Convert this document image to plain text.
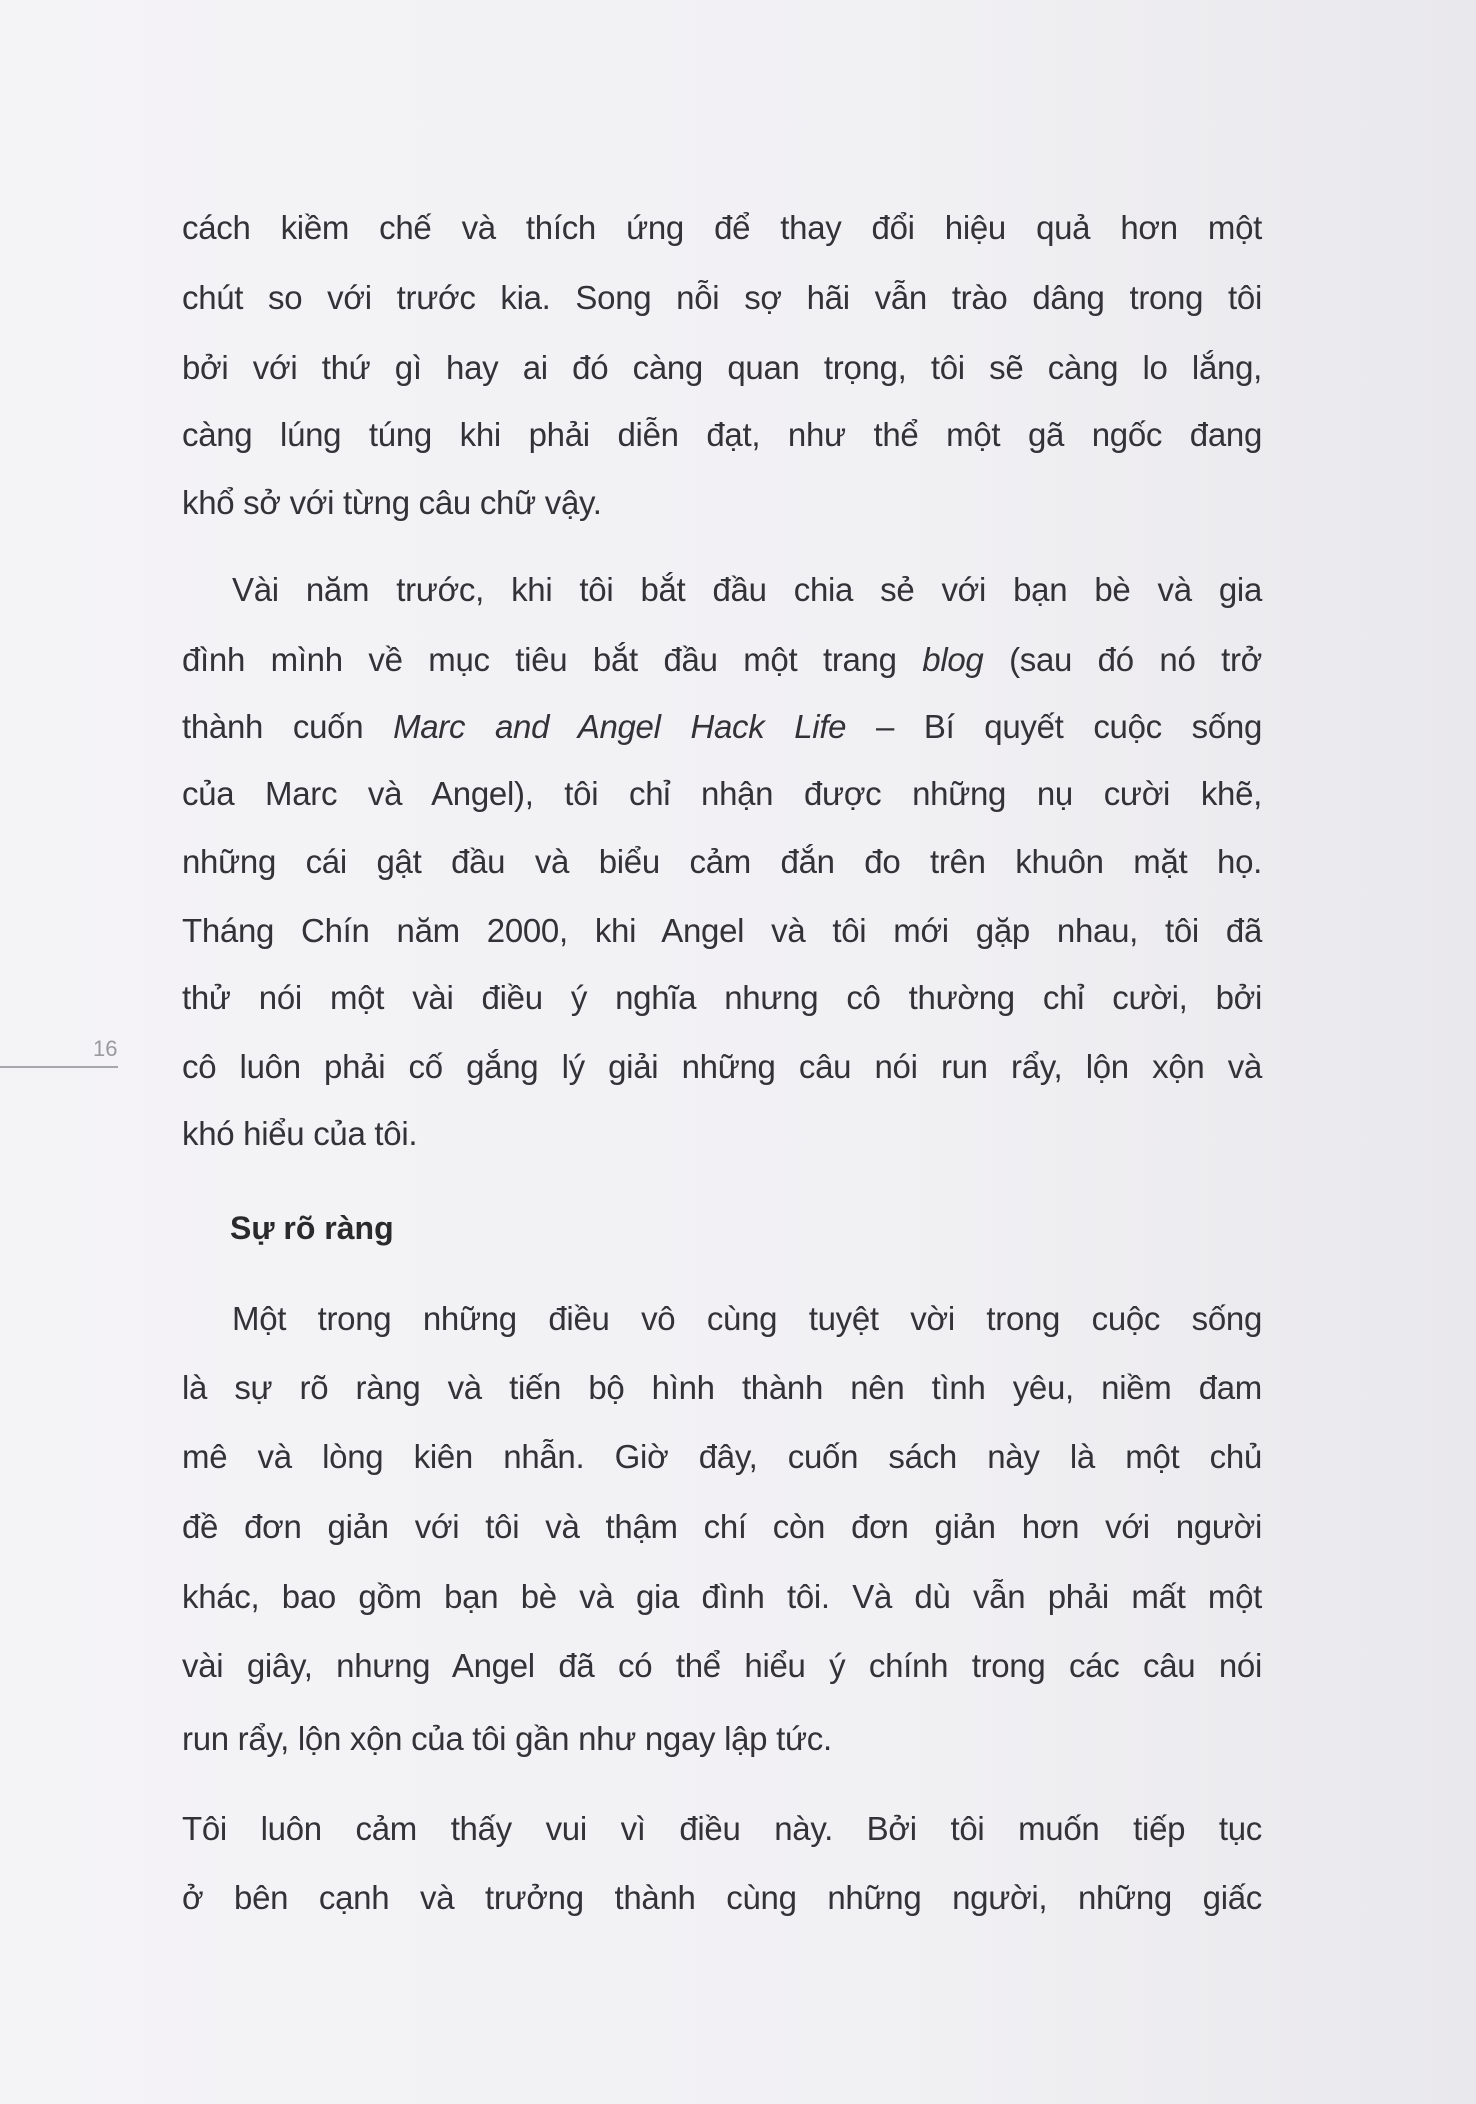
16
cách kiềm chế và thích ứng để thay đổi hiệu quả hơn một
chút so với trước kia. Song nỗi sợ hãi vẫn trào dâng trong tôi
bởi với thứ gì hay ai đó càng quan trọng, tôi sẽ càng lo lắng,
càng lúng túng khi phải diễn đạt, như thể một gã ngốc đang
khổ sở với từng câu chữ vậy.
Vài năm trước, khi tôi bắt đầu chia sẻ với bạn bè và gia
đình mình về mục tiêu bắt đầu một trang blog (sau đó nó trở
thành cuốn Marc and Angel Hack Life – Bí quyết cuộc sống
của Marc và Angel), tôi chỉ nhận được những nụ cười khẽ,
những cái gật đầu và biểu cảm đắn đo trên khuôn mặt họ.
Tháng Chín năm 2000, khi Angel và tôi mới gặp nhau, tôi đã
thử nói một vài điều ý nghĩa nhưng cô thường chỉ cười, bởi
cô luôn phải cố gắng lý giải những câu nói run rẩy, lộn xộn và
khó hiểu của tôi.
Sự rõ ràng
Một trong những điều vô cùng tuyệt vời trong cuộc sống
là sự rõ ràng và tiến bộ hình thành nên tình yêu, niềm đam
mê và lòng kiên nhẫn. Giờ đây, cuốn sách này là một chủ
đề đơn giản với tôi và thậm chí còn đơn giản hơn với người
khác, bao gồm bạn bè và gia đình tôi. Và dù vẫn phải mất một
vài giây, nhưng Angel đã có thể hiểu ý chính trong các câu nói
run rẩy, lộn xộn của tôi gần như ngay lập tức.
Tôi luôn cảm thấy vui vì điều này. Bởi tôi muốn tiếp tục
ở bên cạnh và trưởng thành cùng những người, những giấc
